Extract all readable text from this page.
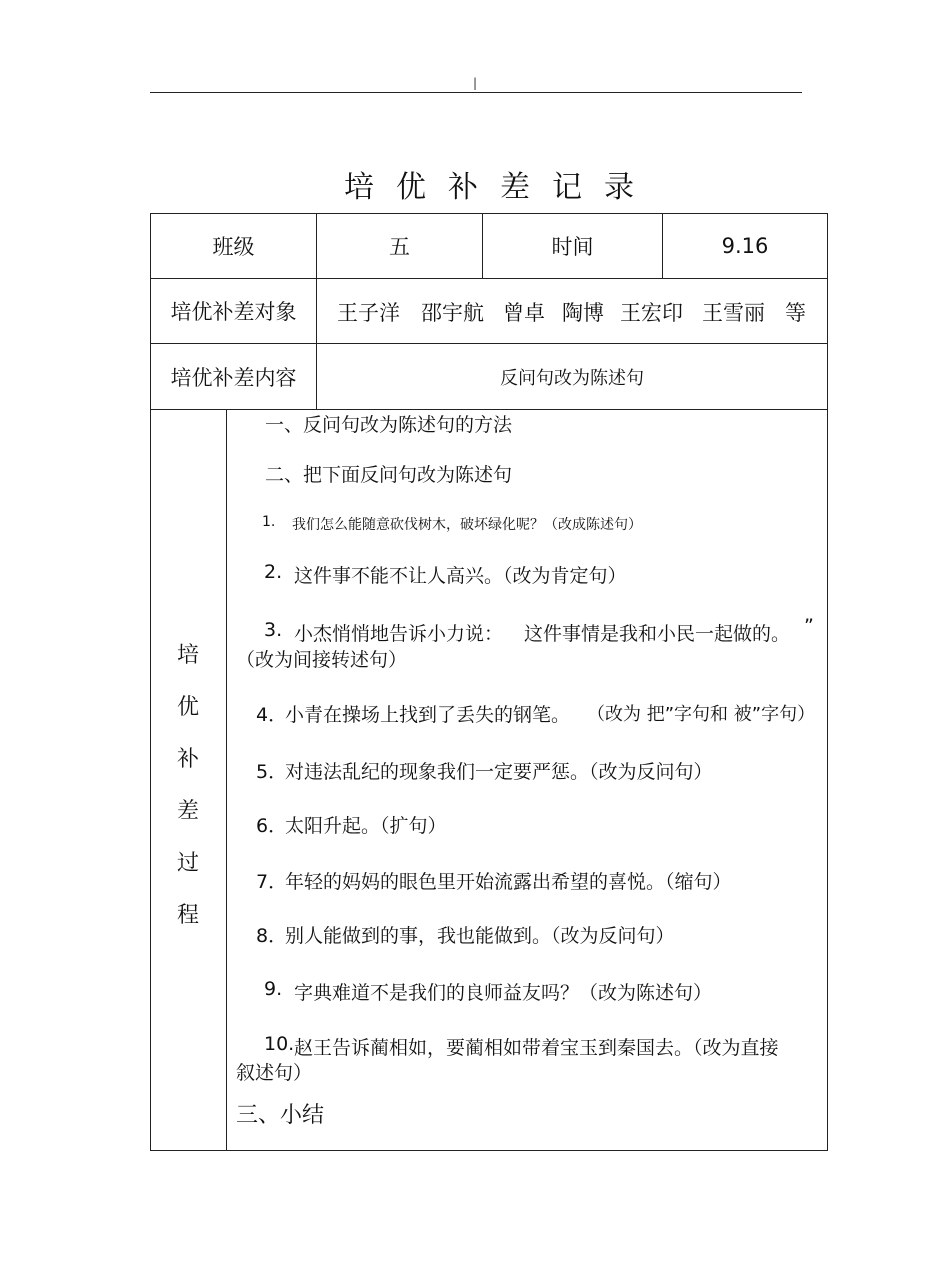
|
培优补差记录
班级	五	时间	9.16
培优补差对象	王子洋 邵宇航 曾卓 陶博 王宏印 王雪丽 等
培优补差内容	反问句改为陈述句
培
优
补
差
过
程
一、反问句改为陈述句的方法
二、把下面反问句改为陈述句
1. 我们怎么能随意砍伐树木，破坏绿化呢？（改成陈述句）
2. 这件事不能不让人高兴。（改为肯定句）
3. 小杰悄悄地告诉小力说： 这件事情是我和小民一起做的。 ”
（改为间接转述句）
4．
小青在操场上找到了丢失的钢笔。 （改为 把”字句和 被”字句）
5．
对违法乱纪的现象我们一定要严惩。（改为反问句）
6．
太阳升起。（扩句）
7．
年轻的妈妈的眼色里开始流露出希望的喜悦。（缩句）
8．
别人能做到的事，我也能做到。（改为反问句）
9. 字典难道不是我们的良师益友吗？（改为陈述句）
10. 赵王告诉蔺相如，要蔺相如带着宝玉到秦国去。（改为直接
叙述句）
三、小结
